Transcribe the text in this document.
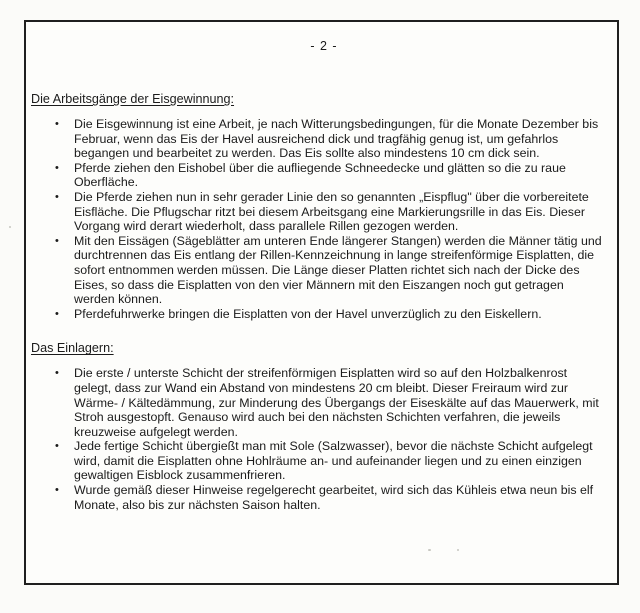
- 2 -
Die Arbeitsgänge der Eisgewinnung:
• Die Eisgewinnung ist eine Arbeit, je nach Witterungsbedingungen, für die Monate Dezember bis Februar, wenn das Eis der Havel ausreichend dick und tragfähig genug ist, um gefahrlos begangen und bearbeitet zu werden. Das Eis sollte also mindestens 10 cm dick sein.
• Pferde ziehen den Eishobel über die aufliegende Schneedecke und glätten so die zu raue Oberfläche.
• Die Pferde ziehen nun in sehr gerader Linie den so genannten „Eispflug" über die vorbereitete Eisfläche. Die Pflugschar ritzt bei diesem Arbeitsgang eine Markierungsrille in das Eis. Dieser Vorgang wird derart wiederholt, dass parallele Rillen gezogen werden.
• Mit den Eissägen (Sägeblätter am unteren Ende längerer Stangen) werden die Männer tätig und durchtrennen das Eis entlang der Rillen-Kennzeichnung in lange streifenförmige Eisplatten, die sofort entnommen werden müssen. Die Länge dieser Platten richtet sich nach der Dicke des Eises, so dass die Eisplatten von den vier Männern mit den Eiszangen noch gut getragen werden können.
• Pferdefuhrwerke bringen die Eisplatten von der Havel unverzüglich zu den Eiskellern.
Das Einlagern:
• Die erste / unterste Schicht der streifenförmigen Eisplatten wird so auf den Holzbalkenrost gelegt, dass zur Wand ein Abstand von mindestens 20 cm bleibt. Dieser Freiraum wird zur Wärme- / Kältedämmung, zur Minderung des Übergangs der Eiseskälte auf das Mauerwerk, mit Stroh ausgestopft. Genauso wird auch bei den nächsten Schichten verfahren, die jeweils kreuzweise aufgelegt werden.
• Jede fertige Schicht übergießt man mit Sole (Salzwasser), bevor die nächste Schicht aufgelegt wird, damit die Eisplatten ohne Hohlräume an- und aufeinander liegen und zu einen einzigen gewaltigen Eisblock zusammenfrieren.
• Wurde gemäß dieser Hinweise regelgerecht gearbeitet, wird sich das Kühleis etwa neun bis elf Monate, also bis zur nächsten Saison halten.
